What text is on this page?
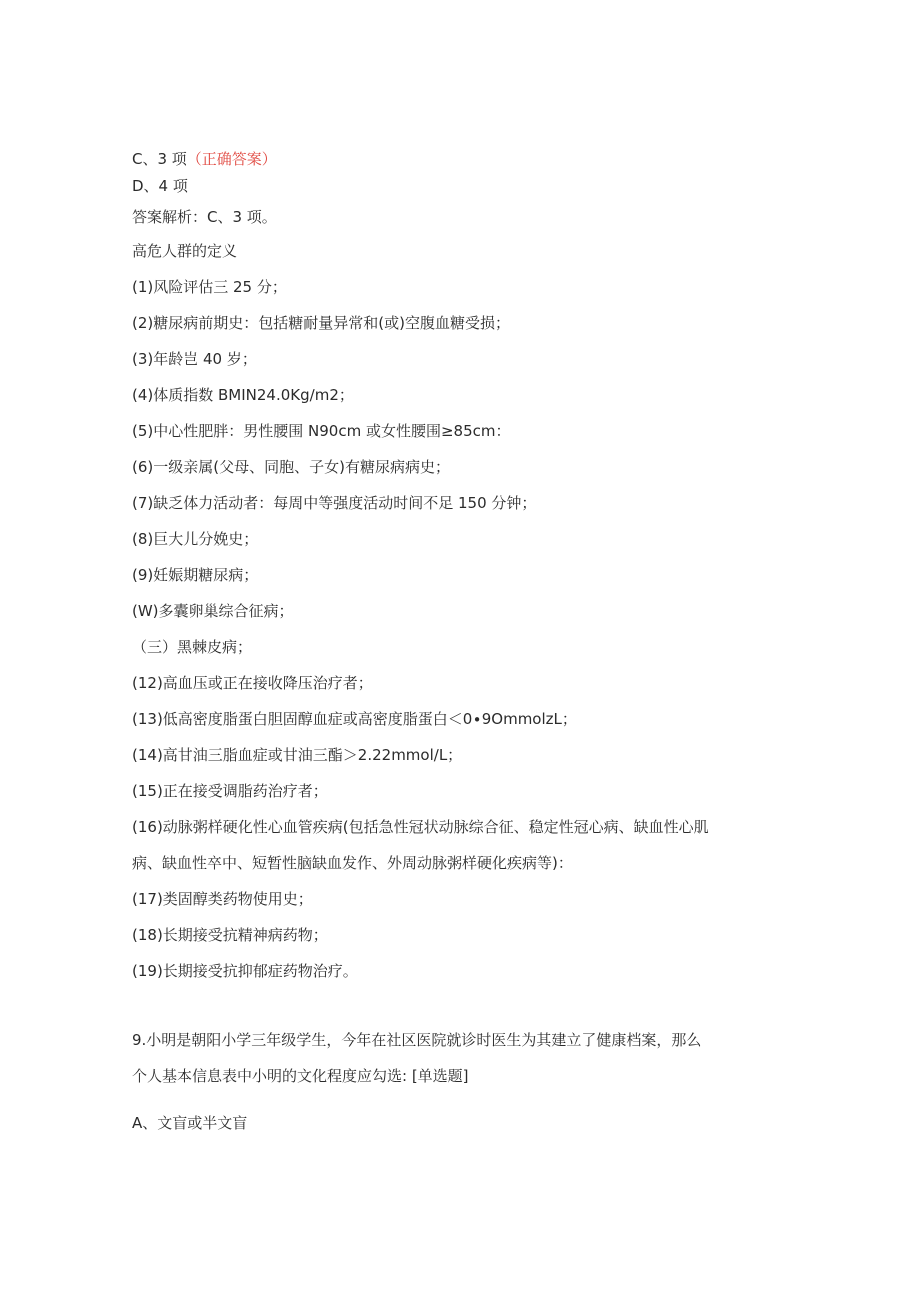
C、3 项（正确答案）
D、4 项
答案解析：C、3 项。
高危人群的定义
(1)风险评估三 25 分；
(2)糖尿病前期史：包括糖耐量异常和(或)空腹血糖受损；
(3)年龄岂 40 岁；
(4)体质指数 BMIN24.0Kg∕m2；
(5)中心性肥胖：男性腰围 N90cm 或女性腰围≥85cm：
(6)一级亲属(父母、同胞、子女)有糖尿病病史；
(7)缺乏体力活动者：每周中等强度活动时间不足 150 分钟；
(8)巨大儿分娩史；
(9)妊娠期糖尿病；
(W)多囊卵巢综合征病；
（三）黑棘皮病；
(12)高血压或正在接收降压治疗者；
(13)低高密度脂蛋白胆固醇血症或高密度脂蛋白＜0∙9OmmolzL；
(14)高甘油三脂血症或甘油三酯＞2.22mmol∕L；
(15)正在接受调脂药治疗者；
(16)动脉粥样硬化性心血管疾病(包括急性冠状动脉综合征、稳定性冠心病、缺血性心肌
病、缺血性卒中、短暂性脑缺血发作、外周动脉粥样硬化疾病等)：
(17)类固醇类药物使用史；
(18)长期接受抗精神病药物；
(19)长期接受抗抑郁症药物治疗。
9.小明是朝阳小学三年级学生，今年在社区医院就诊时医生为其建立了健康档案，那么
个人基本信息表中小明的文化程度应勾选: [单选题]
A、文盲或半文盲
